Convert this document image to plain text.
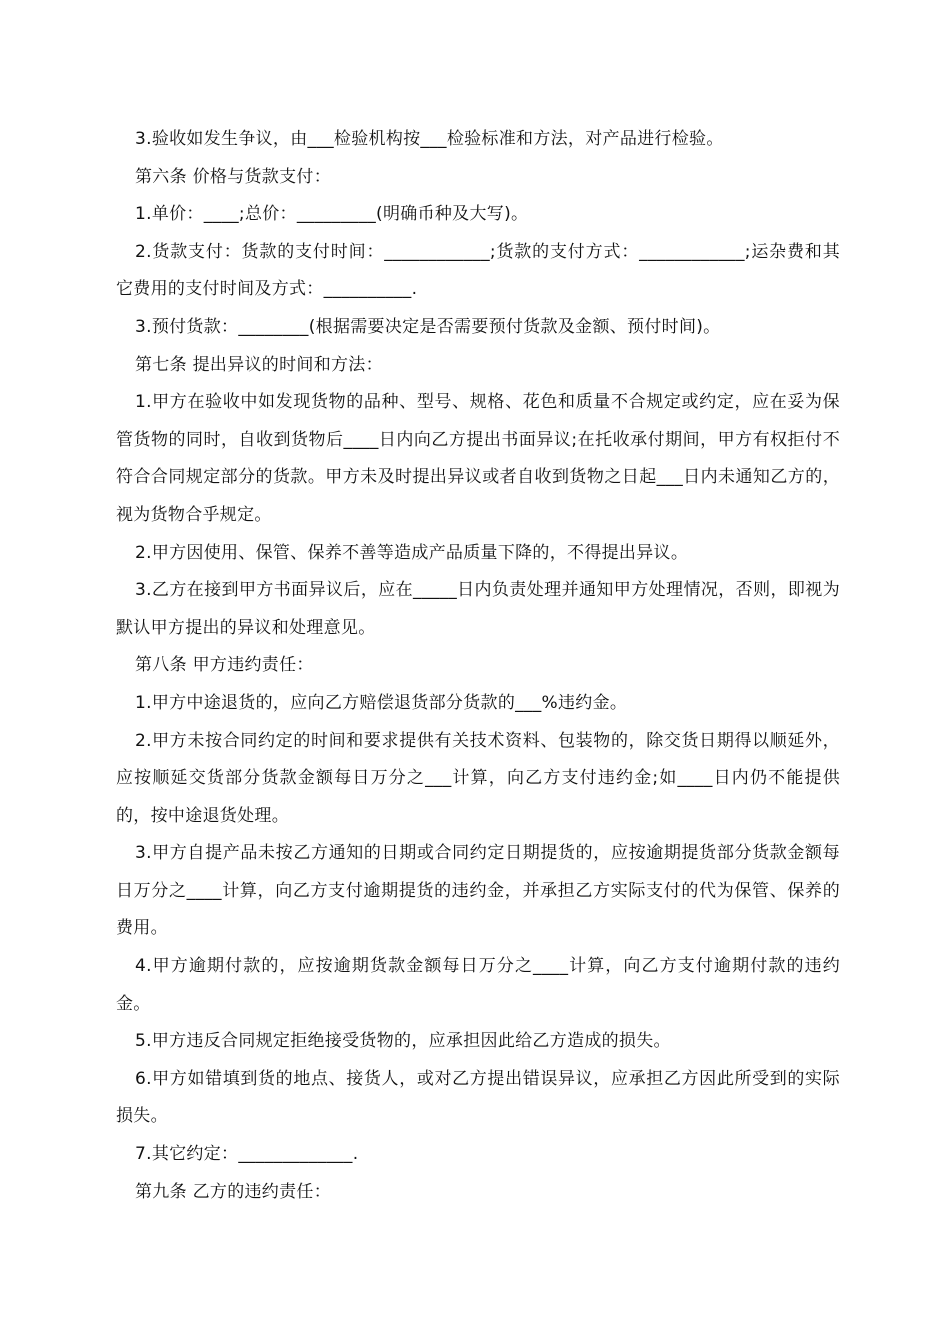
3.验收如发生争议，由___检验机构按___检验标准和方法，对产品进行检验。

第六条 价格与货款支付：

1.单价：____;总价：_________(明确币种及大写)。

2.货款支付：货款的支付时间：____________;货款的支付方式：____________;运杂费和其它费用的支付时间及方式：__________.

3.预付货款：________(根据需要决定是否需要预付货款及金额、预付时间)。

第七条 提出异议的时间和方法：

1.甲方在验收中如发现货物的品种、型号、规格、花色和质量不合规定或约定，应在妥为保管货物的同时，自收到货物后____日内向乙方提出书面异议;在托收承付期间，甲方有权拒付不符合合同规定部分的货款。甲方未及时提出异议或者自收到货物之日起___日内未通知乙方的，视为货物合乎规定。

2.甲方因使用、保管、保养不善等造成产品质量下降的，不得提出异议。

3.乙方在接到甲方书面异议后，应在_____日内负责处理并通知甲方处理情况，否则，即视为默认甲方提出的异议和处理意见。

第八条 甲方违约责任：

1.甲方中途退货的，应向乙方赔偿退货部分货款的___%违约金。

2.甲方未按合同约定的时间和要求提供有关技术资料、包装物的，除交货日期得以顺延外，应按顺延交货部分货款金额每日万分之___计算，向乙方支付违约金;如____日内仍不能提供的，按中途退货处理。

3.甲方自提产品未按乙方通知的日期或合同约定日期提货的，应按逾期提货部分货款金额每日万分之____计算，向乙方支付逾期提货的违约金，并承担乙方实际支付的代为保管、保养的费用。

4.甲方逾期付款的，应按逾期货款金额每日万分之____计算，向乙方支付逾期付款的违约金。

5.甲方违反合同规定拒绝接受货物的，应承担因此给乙方造成的损失。

6.甲方如错填到货的地点、接货人，或对乙方提出错误异议，应承担乙方因此所受到的实际损失。

7.其它约定：_____________.

第九条 乙方的违约责任：
